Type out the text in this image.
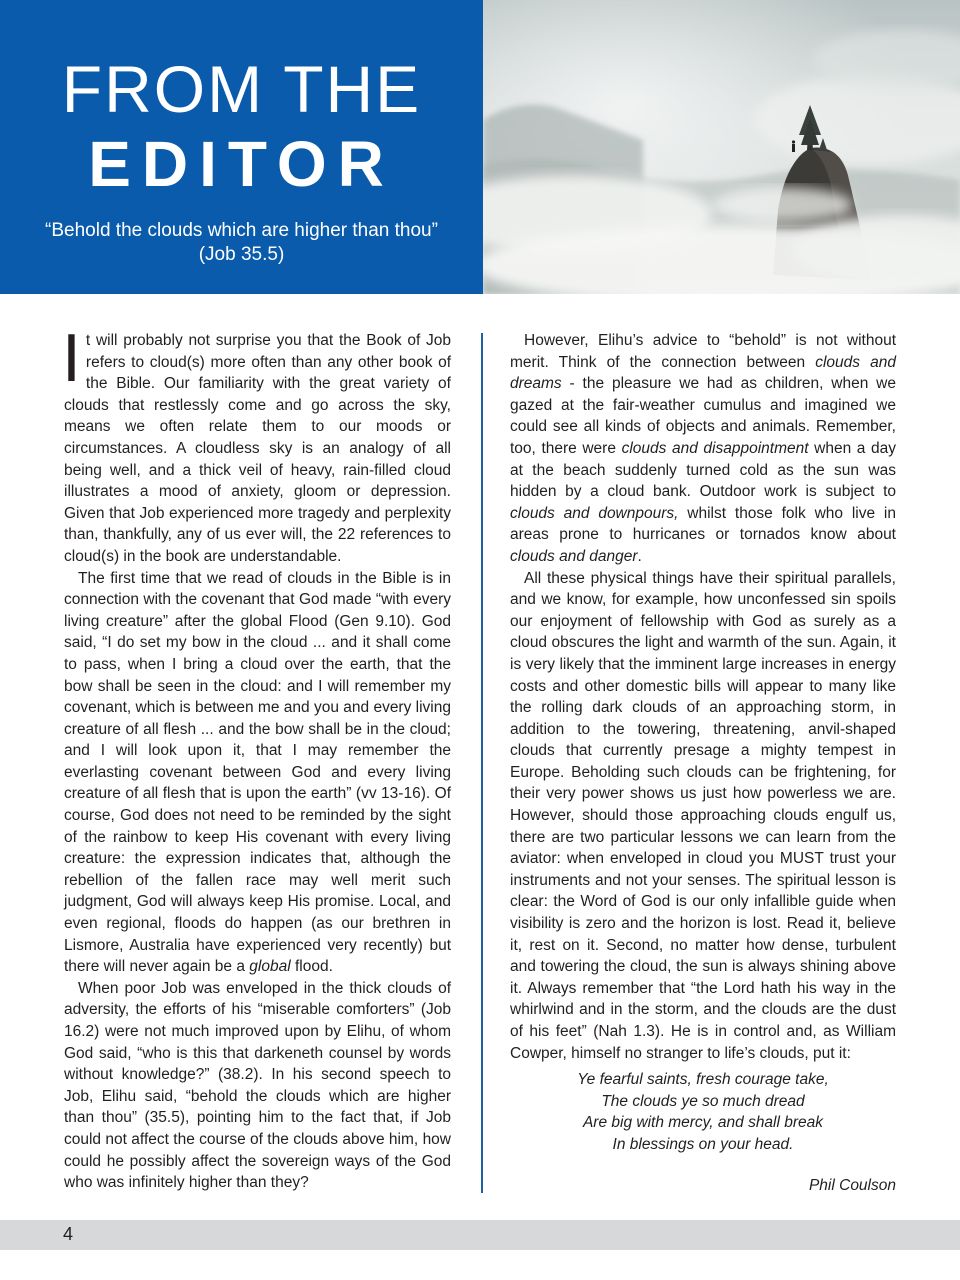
FROM THE
EDITOR
“Behold the clouds which are higher than thou” (Job 35.5)

It will probably not surprise you that the Book of Job refers to cloud(s) more often than any other book of the Bible. Our familiarity with the great variety of clouds that restlessly come and go across the sky, means we often relate them to our moods or circumstances. A cloudless sky is an analogy of all being well, and a thick veil of heavy, rain-filled cloud illustrates a mood of anxiety, gloom or depression. Given that Job experienced more tragedy and perplexity than, thankfully, any of us ever will, the 22 references to cloud(s) in the book are understandable.

The first time that we read of clouds in the Bible is in connection with the covenant that God made “with every living creature” after the global Flood (Gen 9.10). God said, “I do set my bow in the cloud ... and it shall come to pass, when I bring a cloud over the earth, that the bow shall be seen in the cloud: and I will remember my covenant, which is between me and you and every living creature of all flesh ... and the bow shall be in the cloud; and I will look upon it, that I may remember the everlasting covenant between God and every living creature of all flesh that is upon the earth” (vv 13-16). Of course, God does not need to be reminded by the sight of the rainbow to keep His covenant with every living creature: the expression indicates that, although the rebellion of the fallen race may well merit such judgment, God will always keep His promise. Local, and even regional, floods do happen (as our brethren in Lismore, Australia have experienced very recently) but there will never again be a global flood.

When poor Job was enveloped in the thick clouds of adversity, the efforts of his “miserable comforters” (Job 16.2) were not much improved upon by Elihu, of whom God said, “who is this that darkeneth counsel by words without knowledge?” (38.2). In his second speech to Job, Elihu said, “behold the clouds which are higher than thou” (35.5), pointing him to the fact that, if Job could not affect the course of the clouds above him, how could he possibly affect the sovereign ways of the God who was infinitely higher than they?

However, Elihu’s advice to “behold” is not without merit. Think of the connection between clouds and dreams - the pleasure we had as children, when we gazed at the fair-weather cumulus and imagined we could see all kinds of objects and animals. Remember, too, there were clouds and disappointment when a day at the beach suddenly turned cold as the sun was hidden by a cloud bank. Outdoor work is subject to clouds and downpours, whilst those folk who live in areas prone to hurricanes or tornados know about clouds and danger.

All these physical things have their spiritual parallels, and we know, for example, how unconfessed sin spoils our enjoyment of fellowship with God as surely as a cloud obscures the light and warmth of the sun. Again, it is very likely that the imminent large increases in energy costs and other domestic bills will appear to many like the rolling dark clouds of an approaching storm, in addition to the towering, threatening, anvil-shaped clouds that currently presage a mighty tempest in Europe. Beholding such clouds can be frightening, for their very power shows us just how powerless we are. However, should those approaching clouds engulf us, there are two particular lessons we can learn from the aviator: when enveloped in cloud you MUST trust your instruments and not your senses. The spiritual lesson is clear: the Word of God is our only infallible guide when visibility is zero and the horizon is lost. Read it, believe it, rest on it. Second, no matter how dense, turbulent and towering the cloud, the sun is always shining above it. Always remember that “the Lord hath his way in the whirlwind and in the storm, and the clouds are the dust of his feet” (Nah 1.3). He is in control and, as William Cowper, himself no stranger to life’s clouds, put it:

Ye fearful saints, fresh courage take,
The clouds ye so much dread
Are big with mercy, and shall break
In blessings on your head.
Phil Coulson
4
